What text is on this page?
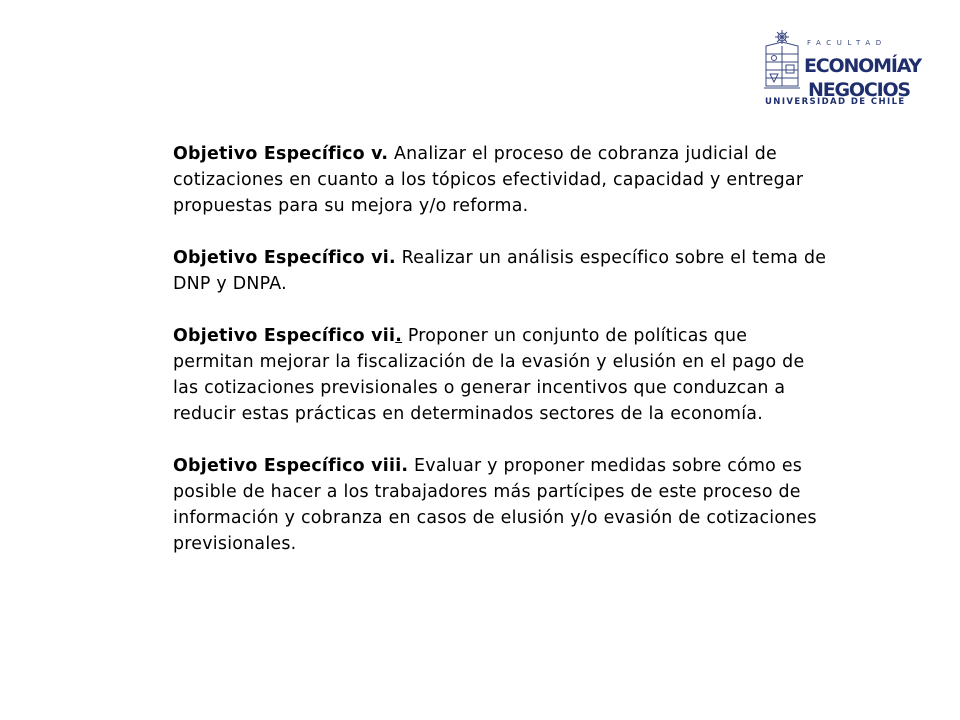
FACULTAD
ECONOMÍAY
NEGOCIOS
UNIVERSIDAD DE CHILE

Objetivo Específico v. Analizar el proceso de cobranza judicial de cotizaciones en cuanto a los tópicos efectividad, capacidad y entregar propuestas para su mejora y/o reforma.

Objetivo Específico vi. Realizar un análisis específico sobre el tema de DNP y DNPA.

Objetivo Específico vii. Proponer un conjunto de políticas que permitan mejorar la fiscalización de la evasión y elusión en el pago de las cotizaciones previsionales o generar incentivos que conduzcan a reducir estas prácticas en determinados sectores de la economía.

Objetivo Específico viii. Evaluar y proponer medidas sobre cómo es posible de hacer a los trabajadores más partícipes de este proceso de información y cobranza en casos de elusión y/o evasión de cotizaciones previsionales.
